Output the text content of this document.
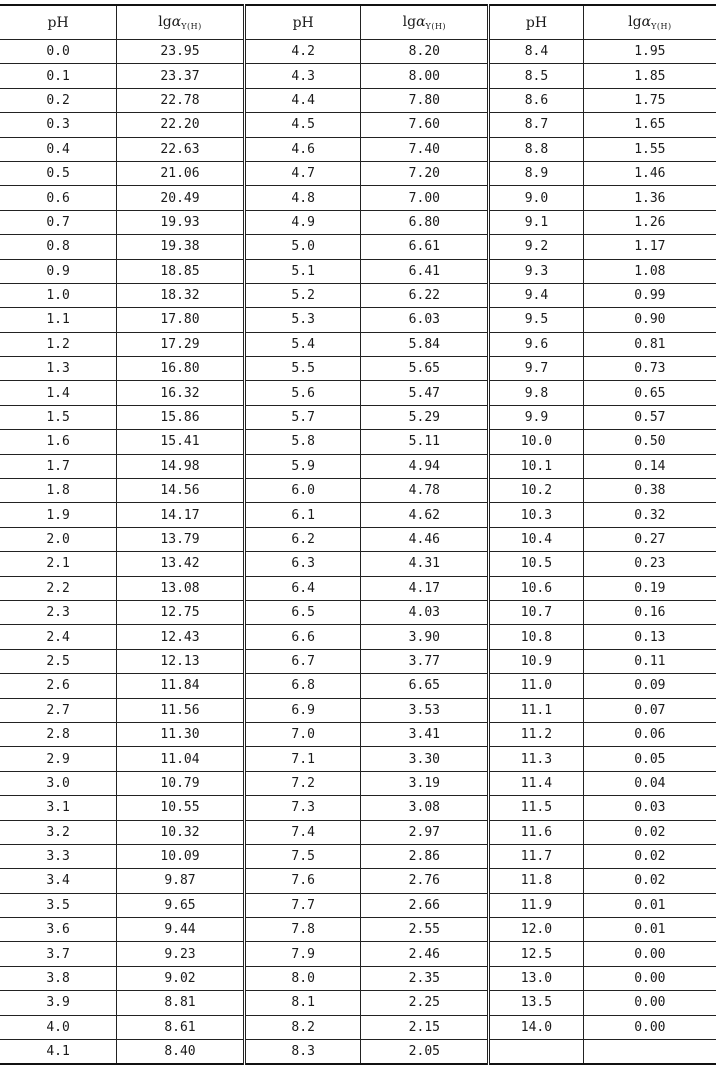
pH	lgα$_{Y(H)}$	pH	lgα$_{Y(H)}$	pH	lgα$_{Y(H)}$
0.0	23.95	4.2	8.20	8.4	1.95
0.1	23.37	4.3	8.00	8.5	1.85
0.2	22.78	4.4	7.80	8.6	1.75
0.3	22.20	4.5	7.60	8.7	1.65
0.4	22.63	4.6	7.40	8.8	1.55
0.5	21.06	4.7	7.20	8.9	1.46
0.6	20.49	4.8	7.00	9.0	1.36
0.7	19.93	4.9	6.80	9.1	1.26
0.8	19.38	5.0	6.61	9.2	1.17
0.9	18.85	5.1	6.41	9.3	1.08
1.0	18.32	5.2	6.22	9.4	0.99
1.1	17.80	5.3	6.03	9.5	0.90
1.2	17.29	5.4	5.84	9.6	0.81
1.3	16.80	5.5	5.65	9.7	0.73
1.4	16.32	5.6	5.47	9.8	0.65
1.5	15.86	5.7	5.29	9.9	0.57
1.6	15.41	5.8	5.11	10.0	0.50
1.7	14.98	5.9	4.94	10.1	0.14
1.8	14.56	6.0	4.78	10.2	0.38
1.9	14.17	6.1	4.62	10.3	0.32
2.0	13.79	6.2	4.46	10.4	0.27
2.1	13.42	6.3	4.31	10.5	0.23
2.2	13.08	6.4	4.17	10.6	0.19
2.3	12.75	6.5	4.03	10.7	0.16
2.4	12.43	6.6	3.90	10.8	0.13
2.5	12.13	6.7	3.77	10.9	0.11
2.6	11.84	6.8	6.65	11.0	0.09
2.7	11.56	6.9	3.53	11.1	0.07
2.8	11.30	7.0	3.41	11.2	0.06
2.9	11.04	7.1	3.30	11.3	0.05
3.0	10.79	7.2	3.19	11.4	0.04
3.1	10.55	7.3	3.08	11.5	0.03
3.2	10.32	7.4	2.97	11.6	0.02
3.3	10.09	7.5	2.86	11.7	0.02
3.4	9.87	7.6	2.76	11.8	0.02
3.5	9.65	7.7	2.66	11.9	0.01
3.6	9.44	7.8	2.55	12.0	0.01
3.7	9.23	7.9	2.46	12.5	0.00
3.8	9.02	8.0	2.35	13.0	0.00
3.9	8.81	8.1	2.25	13.5	0.00
4.0	8.61	8.2	2.15	14.0	0.00
4.1	8.40	8.3	2.05		
